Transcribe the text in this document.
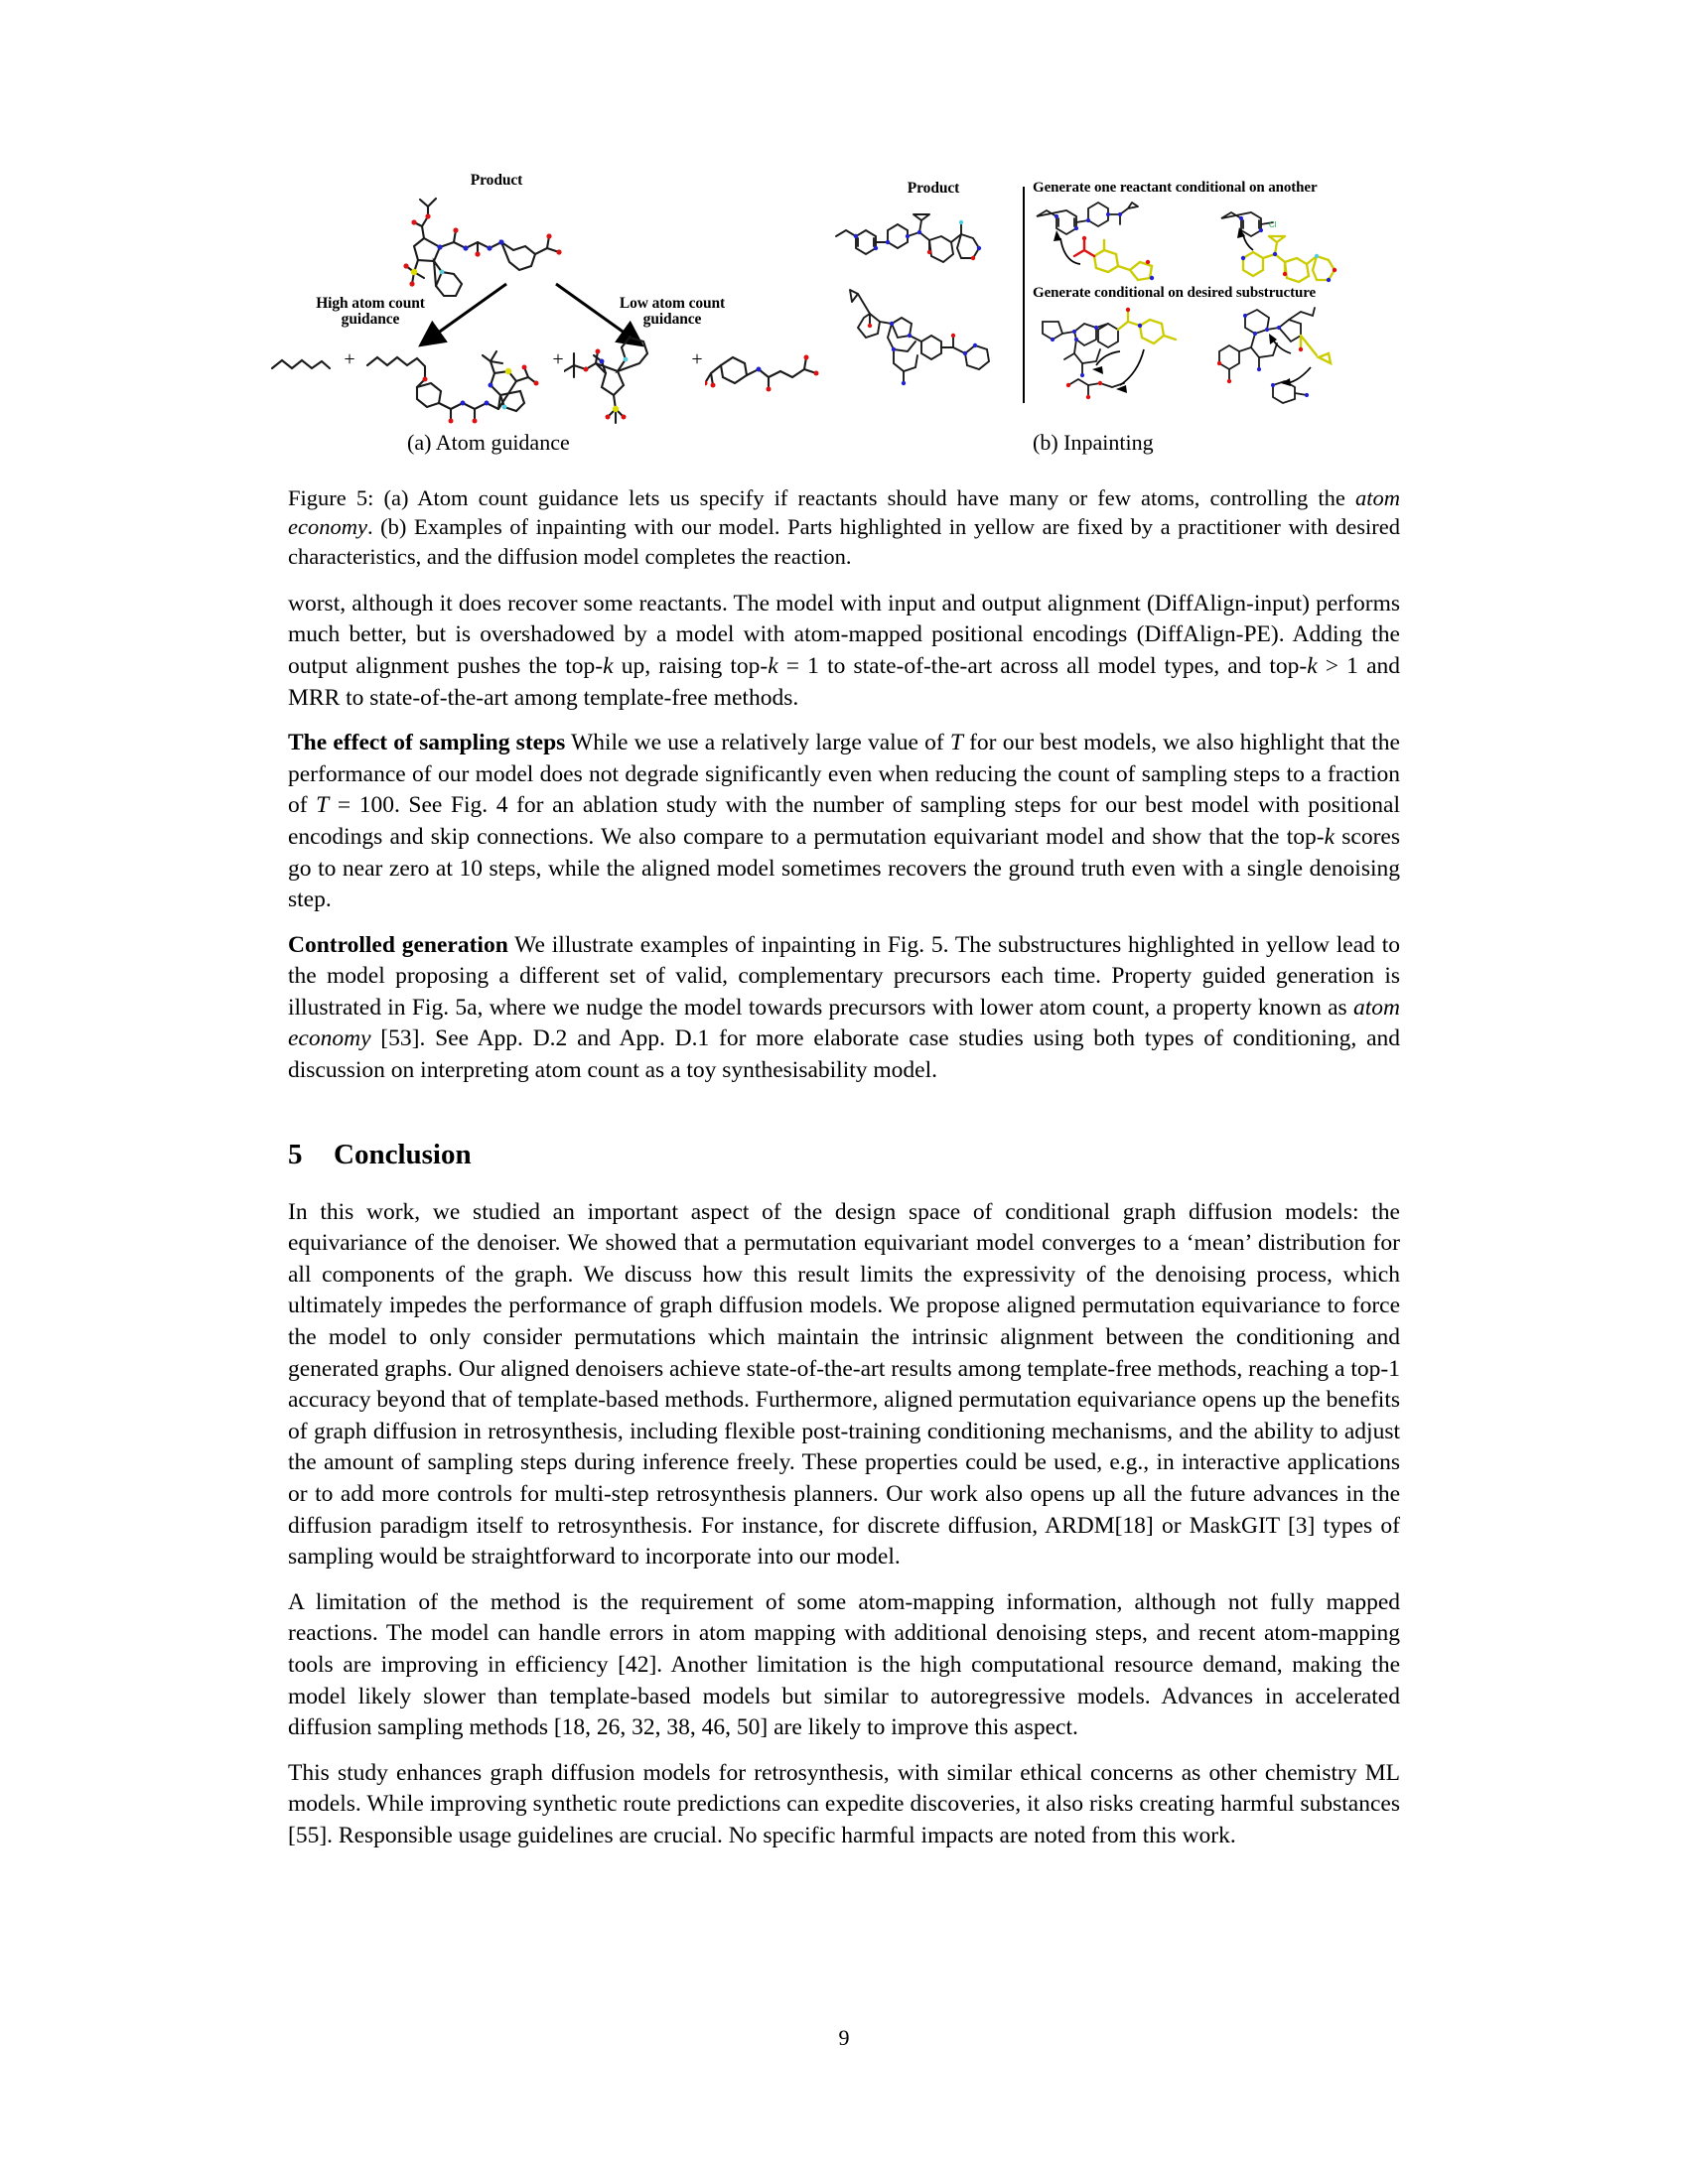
Product
High atom count
guidance
Low atom count
guidance
+	+	+
Product	Generate one reactant conditional on another
Generate conditional on desired substructure
Cl
(a) Atom guidance	(b) Inpainting
Figure 5: (a) Atom count guidance lets us specify if reactants should have many or few atoms, controlling the atom economy. (b) Examples of inpainting with our model. Parts highlighted in yellow are fixed by a practitioner with desired characteristics, and the diffusion model completes the reaction.

worst, although it does recover some reactants. The model with input and output alignment (DiffAlign-input) performs much better, but is overshadowed by a model with atom-mapped positional encodings (DiffAlign-PE). Adding the output alignment pushes the top-k up, raising top-k = 1 to state-of-the-art across all model types, and top-k > 1 and MRR to state-of-the-art among template-free methods.

The effect of sampling steps While we use a relatively large value of T for our best models, we also highlight that the performance of our model does not degrade significantly even when reducing the count of sampling steps to a fraction of T = 100. See Fig. 4 for an ablation study with the number of sampling steps for our best model with positional encodings and skip connections. We also compare to a permutation equivariant model and show that the top-k scores go to near zero at 10 steps, while the aligned model sometimes recovers the ground truth even with a single denoising step.

Controlled generation We illustrate examples of inpainting in Fig. 5. The substructures highlighted in yellow lead to the model proposing a different set of valid, complementary precursors each time. Property guided generation is illustrated in Fig. 5a, where we nudge the model towards precursors with lower atom count, a property known as atom economy [53]. See App. D.2 and App. D.1 for more elaborate case studies using both types of conditioning, and discussion on interpreting atom count as a toy synthesisability model.

5 Conclusion

In this work, we studied an important aspect of the design space of conditional graph diffusion models: the equivariance of the denoiser. We showed that a permutation equivariant model converges to a ‘mean’ distribution for all components of the graph. We discuss how this result limits the expressivity of the denoising process, which ultimately impedes the performance of graph diffusion models. We propose aligned permutation equivariance to force the model to only consider permutations which maintain the intrinsic alignment between the conditioning and generated graphs. Our aligned denoisers achieve state-of-the-art results among template-free methods, reaching a top-1 accuracy beyond that of template-based methods. Furthermore, aligned permutation equivariance opens up the benefits of graph diffusion in retrosynthesis, including flexible post-training conditioning mechanisms, and the ability to adjust the amount of sampling steps during inference freely. These properties could be used, e.g., in interactive applications or to add more controls for multi-step retrosynthesis planners. Our work also opens up all the future advances in the diffusion paradigm itself to retrosynthesis. For instance, for discrete diffusion, ARDM[18] or MaskGIT [3] types of sampling would be straightforward to incorporate into our model.

A limitation of the method is the requirement of some atom-mapping information, although not fully mapped reactions. The model can handle errors in atom mapping with additional denoising steps, and recent atom-mapping tools are improving in efficiency [42]. Another limitation is the high computational resource demand, making the model likely slower than template-based models but similar to autoregressive models. Advances in accelerated diffusion sampling methods [18, 26, 32, 38, 46, 50] are likely to improve this aspect.

This study enhances graph diffusion models for retrosynthesis, with similar ethical concerns as other chemistry ML models. While improving synthetic route predictions can expedite discoveries, it also risks creating harmful substances [55]. Responsible usage guidelines are crucial. No specific harmful impacts are noted from this work.

9
